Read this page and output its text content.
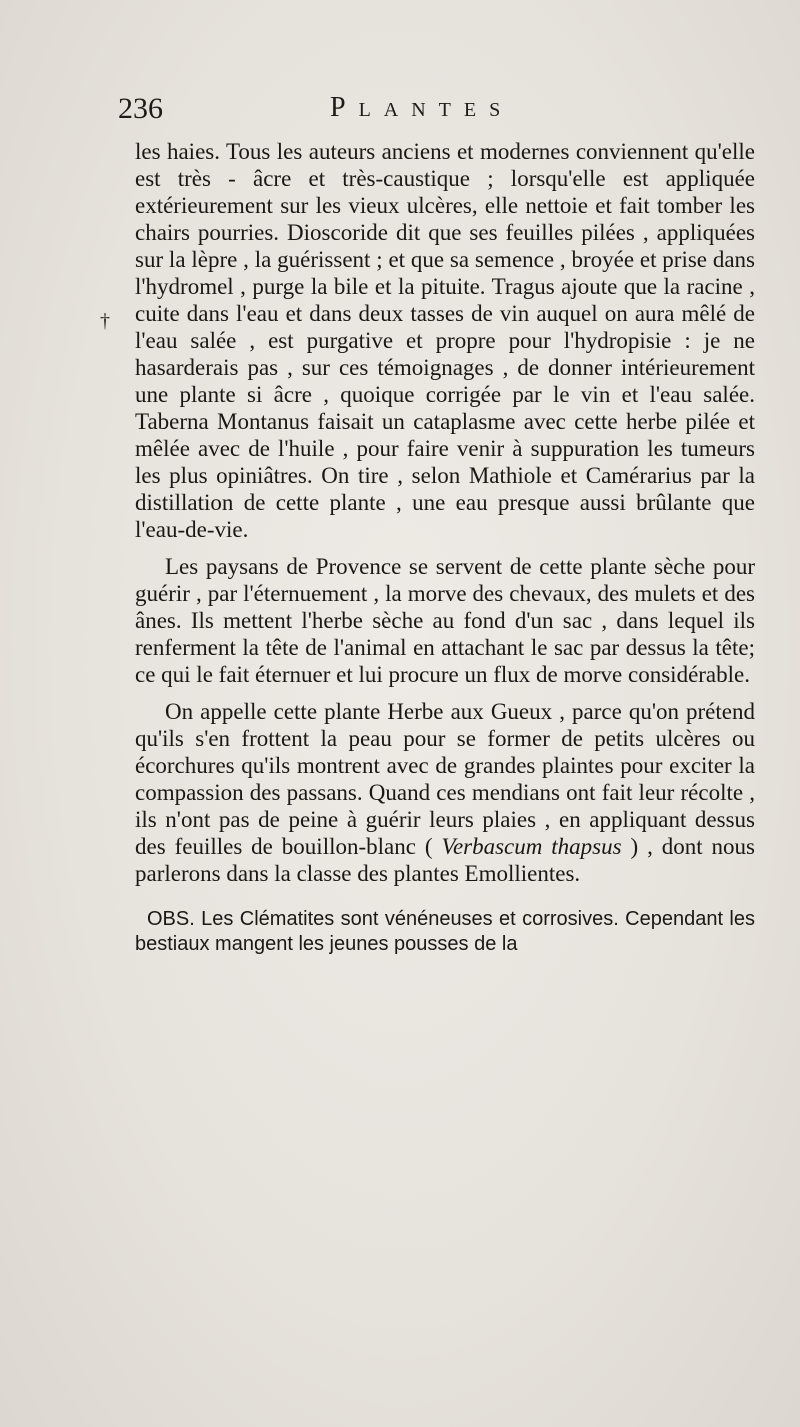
236	Plantes
†

les haies. Tous les auteurs anciens et modernes conviennent qu'elle est très - âcre et très-caustique ; lorsqu'elle est appliquée extérieurement sur les vieux ulcères, elle nettoie et fait tomber les chairs pourries. Dioscoride dit que ses feuilles pilées , appliquées sur la lèpre , la guérissent ; et que sa semence , broyée et prise dans l'hydromel , purge la bile et la pituite. Tragus ajoute que la racine , cuite dans l'eau et dans deux tasses de vin auquel on aura mêlé de l'eau salée , est purgative et propre pour l'hydropisie : je ne hasarderais pas , sur ces témoignages , de donner intérieurement une plante si âcre , quoique corrigée par le vin et l'eau salée. Taberna Montanus faisait un cataplasme avec cette herbe pilée et mêlée avec de l'huile , pour faire venir à suppuration les tumeurs les plus opiniâtres. On tire , selon Mathiole et Camérarius par la distillation de cette plante , une eau presque aussi brûlante que l'eau-de-vie.

Les paysans de Provence se servent de cette plante sèche pour guérir , par l'éternuement , la morve des chevaux, des mulets et des ânes. Ils mettent l'herbe sèche au fond d'un sac , dans lequel ils renferment la tête de l'animal en attachant le sac par dessus la tête; ce qui le fait éternuer et lui procure un flux de morve considérable.

On appelle cette plante Herbe aux Gueux , parce qu'on prétend qu'ils s'en frottent la peau pour se former de petits ulcères ou écorchures qu'ils montrent avec de grandes plaintes pour exciter la compassion des passans. Quand ces mendians ont fait leur récolte , ils n'ont pas de peine à guérir leurs plaies , en appliquant dessus des feuilles de bouillon-blanc ( Verbascum thapsus ) , dont nous parlerons dans la classe des plantes Emollientes.

OBS. Les Clématites sont vénéneuses et corrosives. Cependant les bestiaux mangent les jeunes pousses de la
